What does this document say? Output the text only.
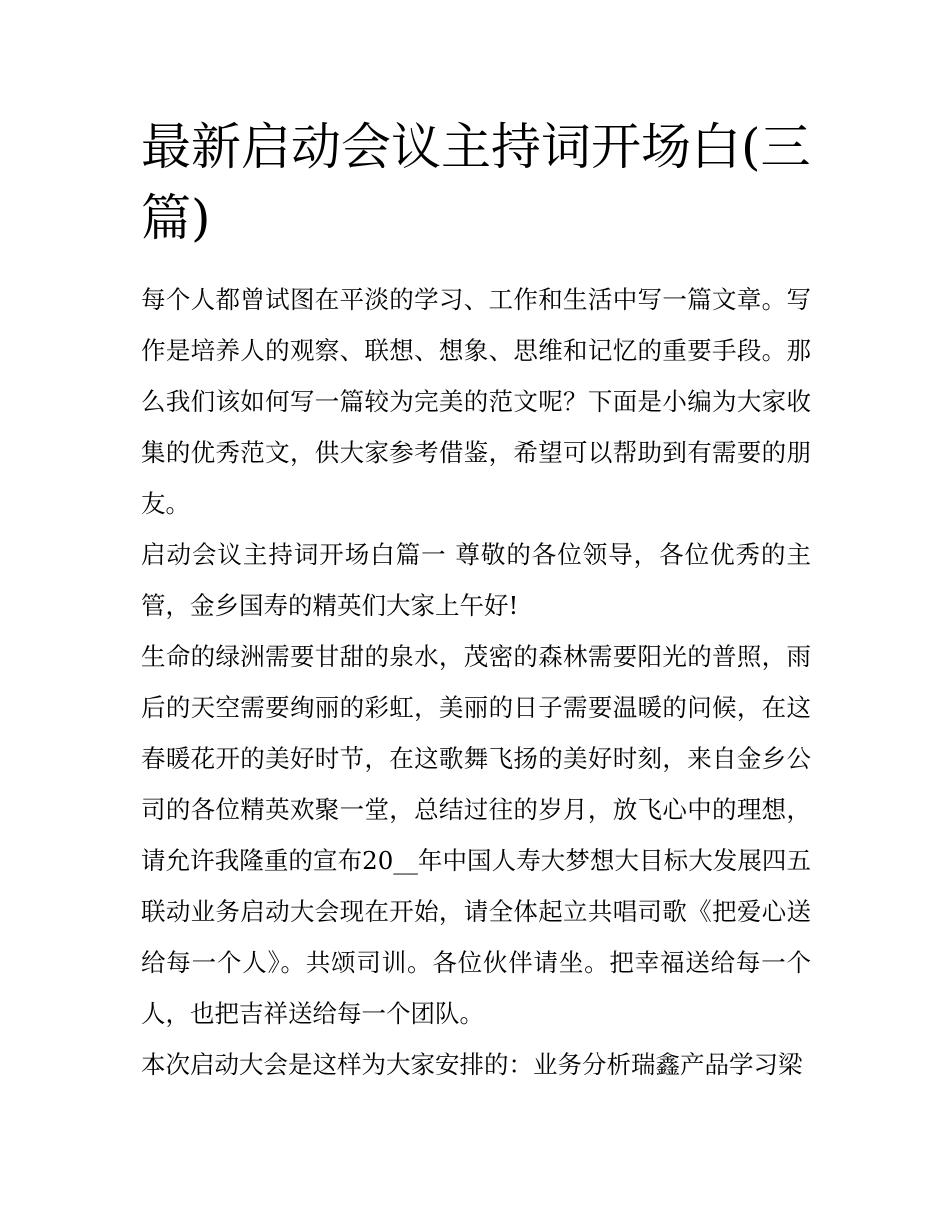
最新启动会议主持词开场白(三篇)

每个人都曾试图在平淡的学习、工作和生活中写一篇文章。写作是培养人的观察、联想、想象、思维和记忆的重要手段。那么我们该如何写一篇较为完美的范文呢？下面是小编为大家收集的优秀范文，供大家参考借鉴，希望可以帮助到有需要的朋友。

启动会议主持词开场白篇一 尊敬的各位领导，各位优秀的主管，金乡国寿的精英们大家上午好!

生命的绿洲需要甘甜的泉水，茂密的森林需要阳光的普照，雨后的天空需要绚丽的彩虹，美丽的日子需要温暖的问候，在这春暖花开的美好时节，在这歌舞飞扬的美好时刻，来自金乡公司的各位精英欢聚一堂，总结过往的岁月，放飞心中的理想，请允许我隆重的宣布20__年中国人寿大梦想大目标大发展四五联动业务启动大会现在开始，请全体起立共唱司歌《把爱心送给每一个人》。共颂司训。各位伙伴请坐。把幸福送给每一个人，也把吉祥送给每一个团队。

本次启动大会是这样为大家安排的：业务分析瑞鑫产品学习梁
